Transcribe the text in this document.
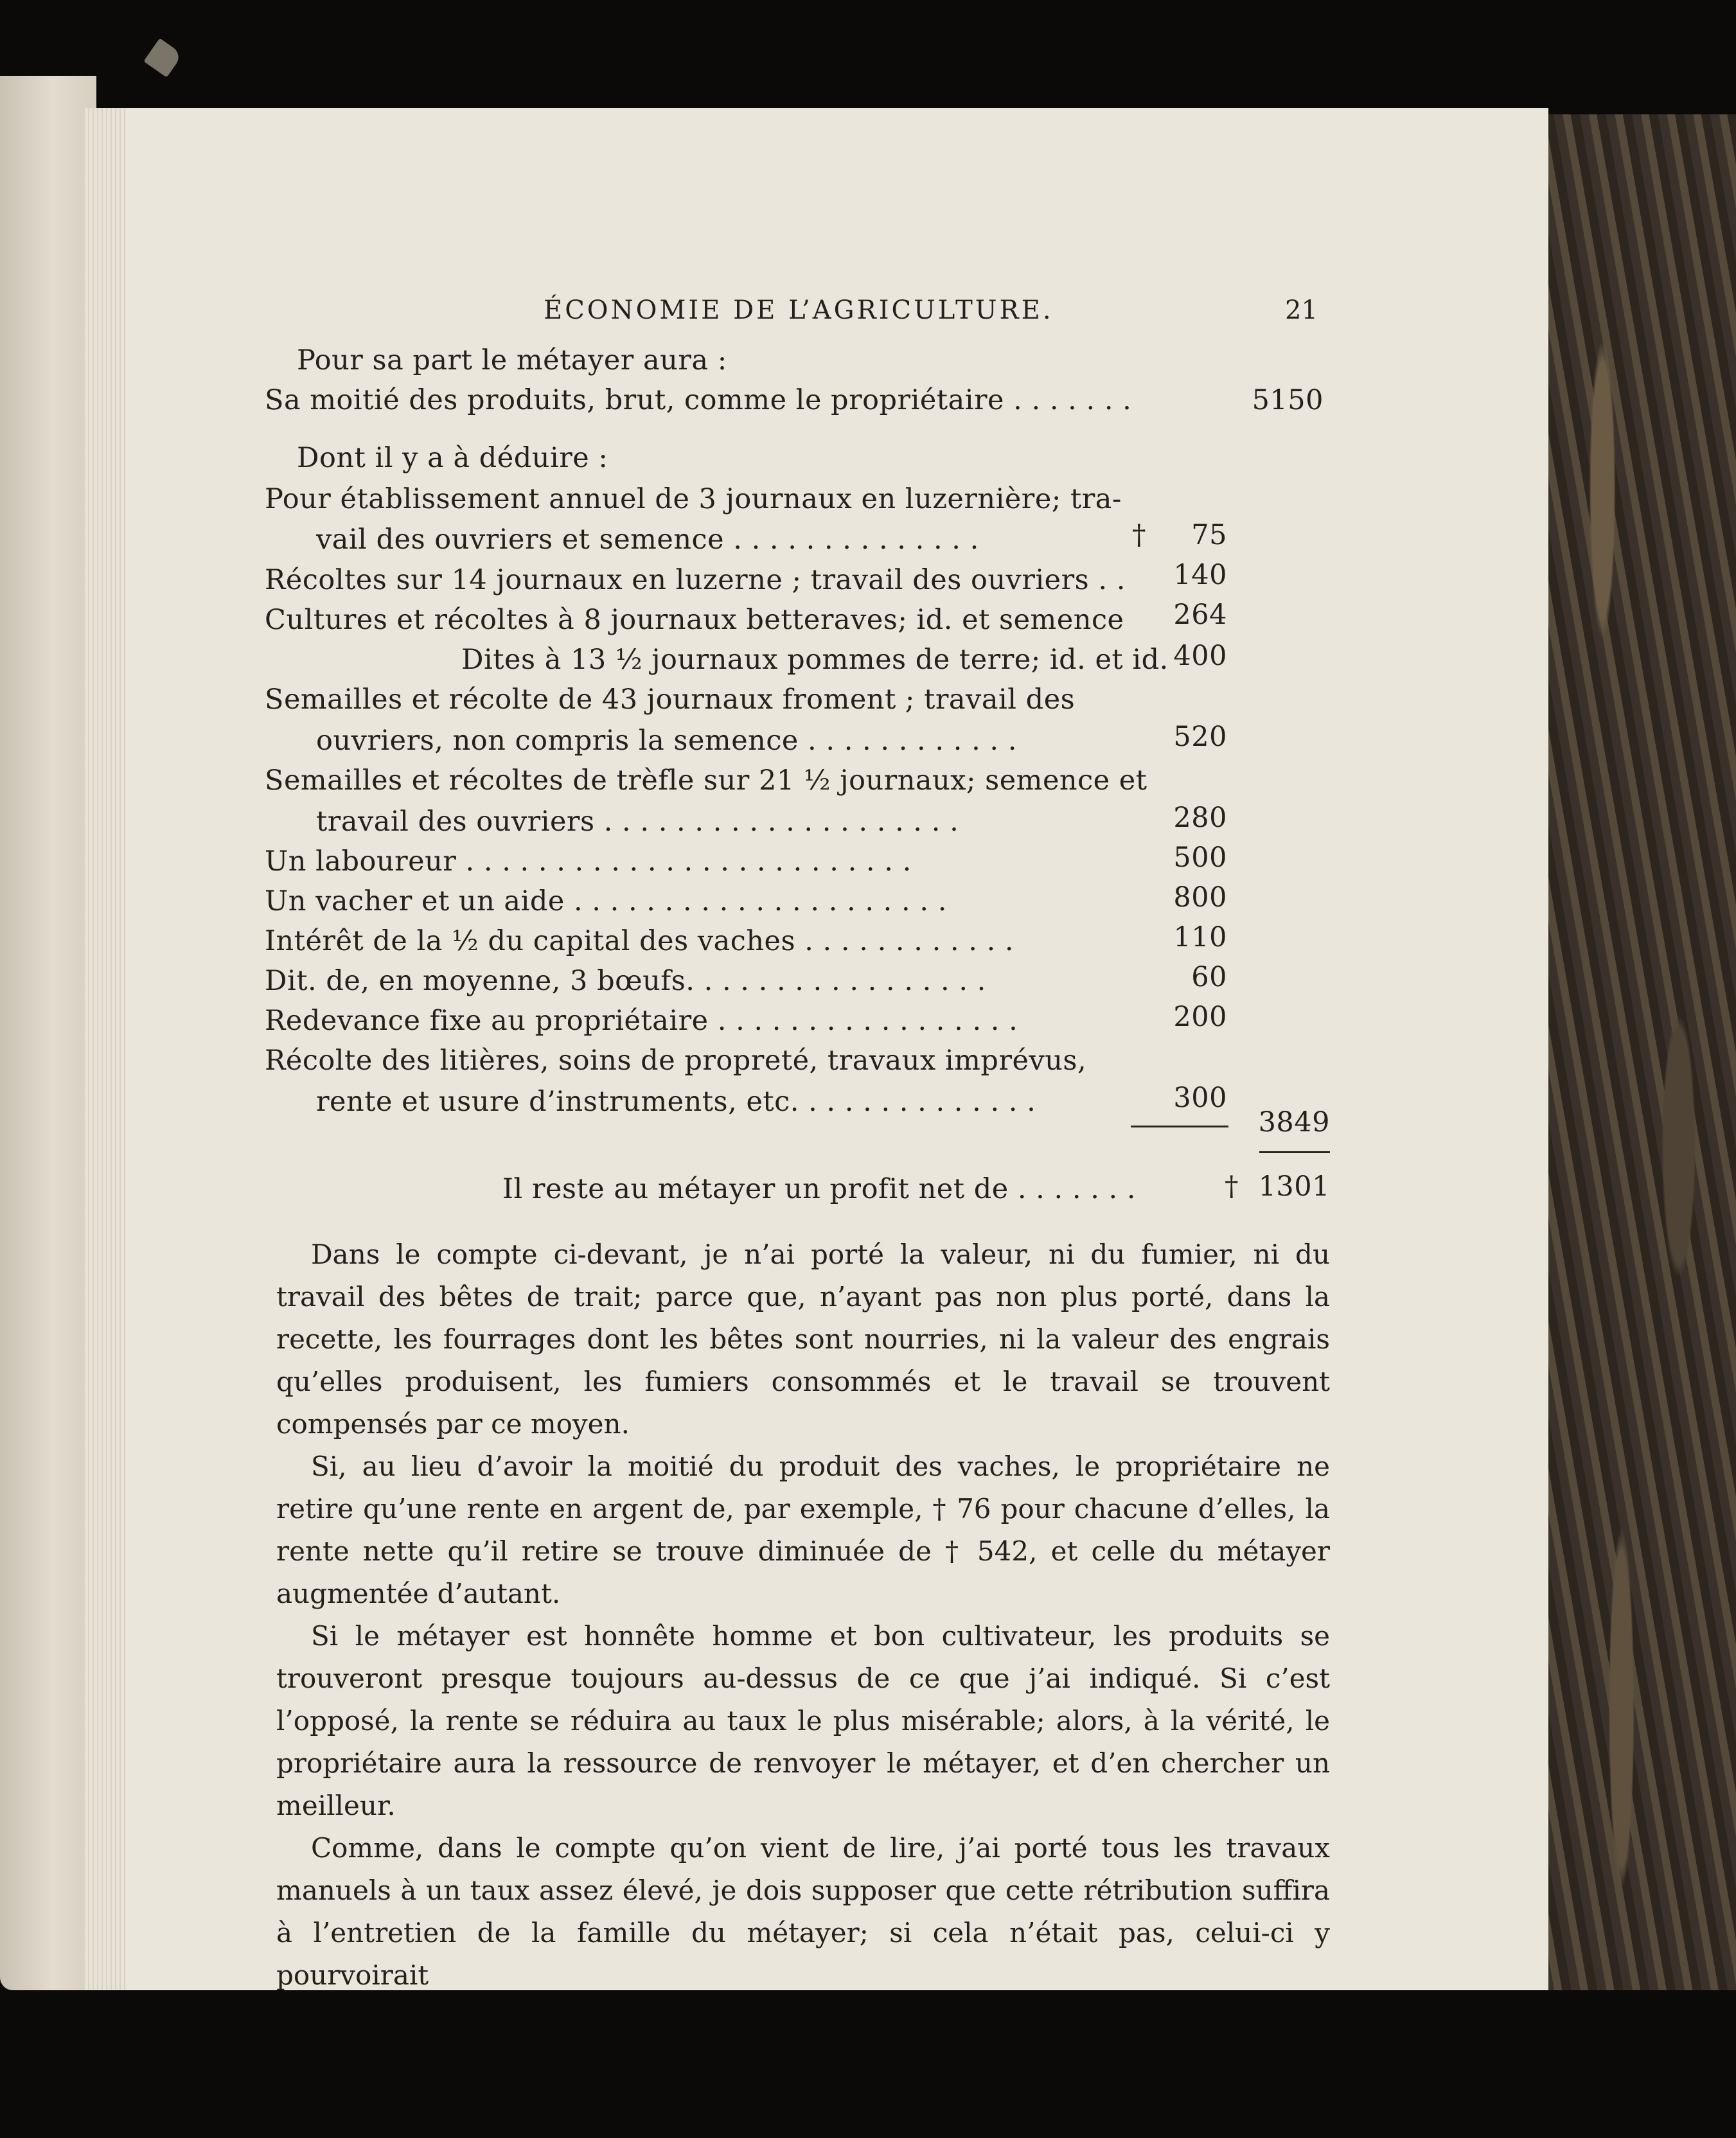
ÉCONOMIE DE L’AGRICULTURE.	21
Pour sa part le métayer aura :
Sa moitié des produits, brut, comme le propriétaire . . . . . . .	5150
Dont il y a à déduire :
Pour établissement annuel de 3 journaux en luzernière; tra-
vail des ouvriers et semence . . . . . . . . . . . . . .	†	75
Récoltes sur 14 journaux en luzerne ; travail des ouvriers . .	140
Cultures et récoltes à 8 journaux betteraves; id. et semence	264
Dites à 13 ½ journaux pommes de terre; id. et id. 400
Semailles et récolte de 43 journaux froment ; travail des
ouvriers, non compris la semence . . . . . . . . . . . .	520
Semailles et récoltes de trèfle sur 21 ½ journaux; semence et
travail des ouvriers . . . . . . . . . . . . . . . . . . . .	280
Un laboureur . . . . . . . . . . . . . . . . . . . . . . . . .	500
Un vacher et un aide . . . . . . . . . . . . . . . . . . . . .	800
Intérêt de la ½ du capital des vaches . . . . . . . . . . . .	110
Dit. de, en moyenne, 3 bœufs. . . . . . . . . . . . . . . . .	60
Redevance fixe au propriétaire . . . . . . . . . . . . . . . . .	200
Récolte des litières, soins de propreté, travaux imprévus,
rente et usure d’instruments, etc. . . . . . . . . . . . . .	300
3849
Il reste au métayer un profit net de . . . . . . .	† 1301

Dans le compte ci-devant, je n’ai porté la valeur, ni du fumier, ni du travail des bêtes de trait; parce que, n’ayant pas non plus porté, dans la recette, les fourrages dont les bêtes sont nourries, ni la valeur des engrais qu’elles produisent, les fumiers consommés et le travail se trouvent compensés par ce moyen.

Si, au lieu d’avoir la moitié du produit des vaches, le propriétaire ne retire qu’une rente en argent de, par exemple, † 76 pour chacune d’elles, la rente nette qu’il retire se trouve diminuée de † 542, et celle du métayer augmentée d’autant.

Si le métayer est honnête homme et bon cultivateur, les produits se trouveront presque toujours au-dessus de ce que j’ai indiqué. Si c’est l’opposé, la rente se réduira au taux le plus misérable; alors, à la vérité, le propriétaire aura la ressource de renvoyer le métayer, et d’en chercher un meilleur.

Comme, dans le compte qu’on vient de lire, j’ai porté tous les travaux manuels à un taux assez élevé, je dois supposer que cette rétribution suffira à l’entretien de la famille du métayer; si cela n’était pas, celui-ci y pourvoirait
